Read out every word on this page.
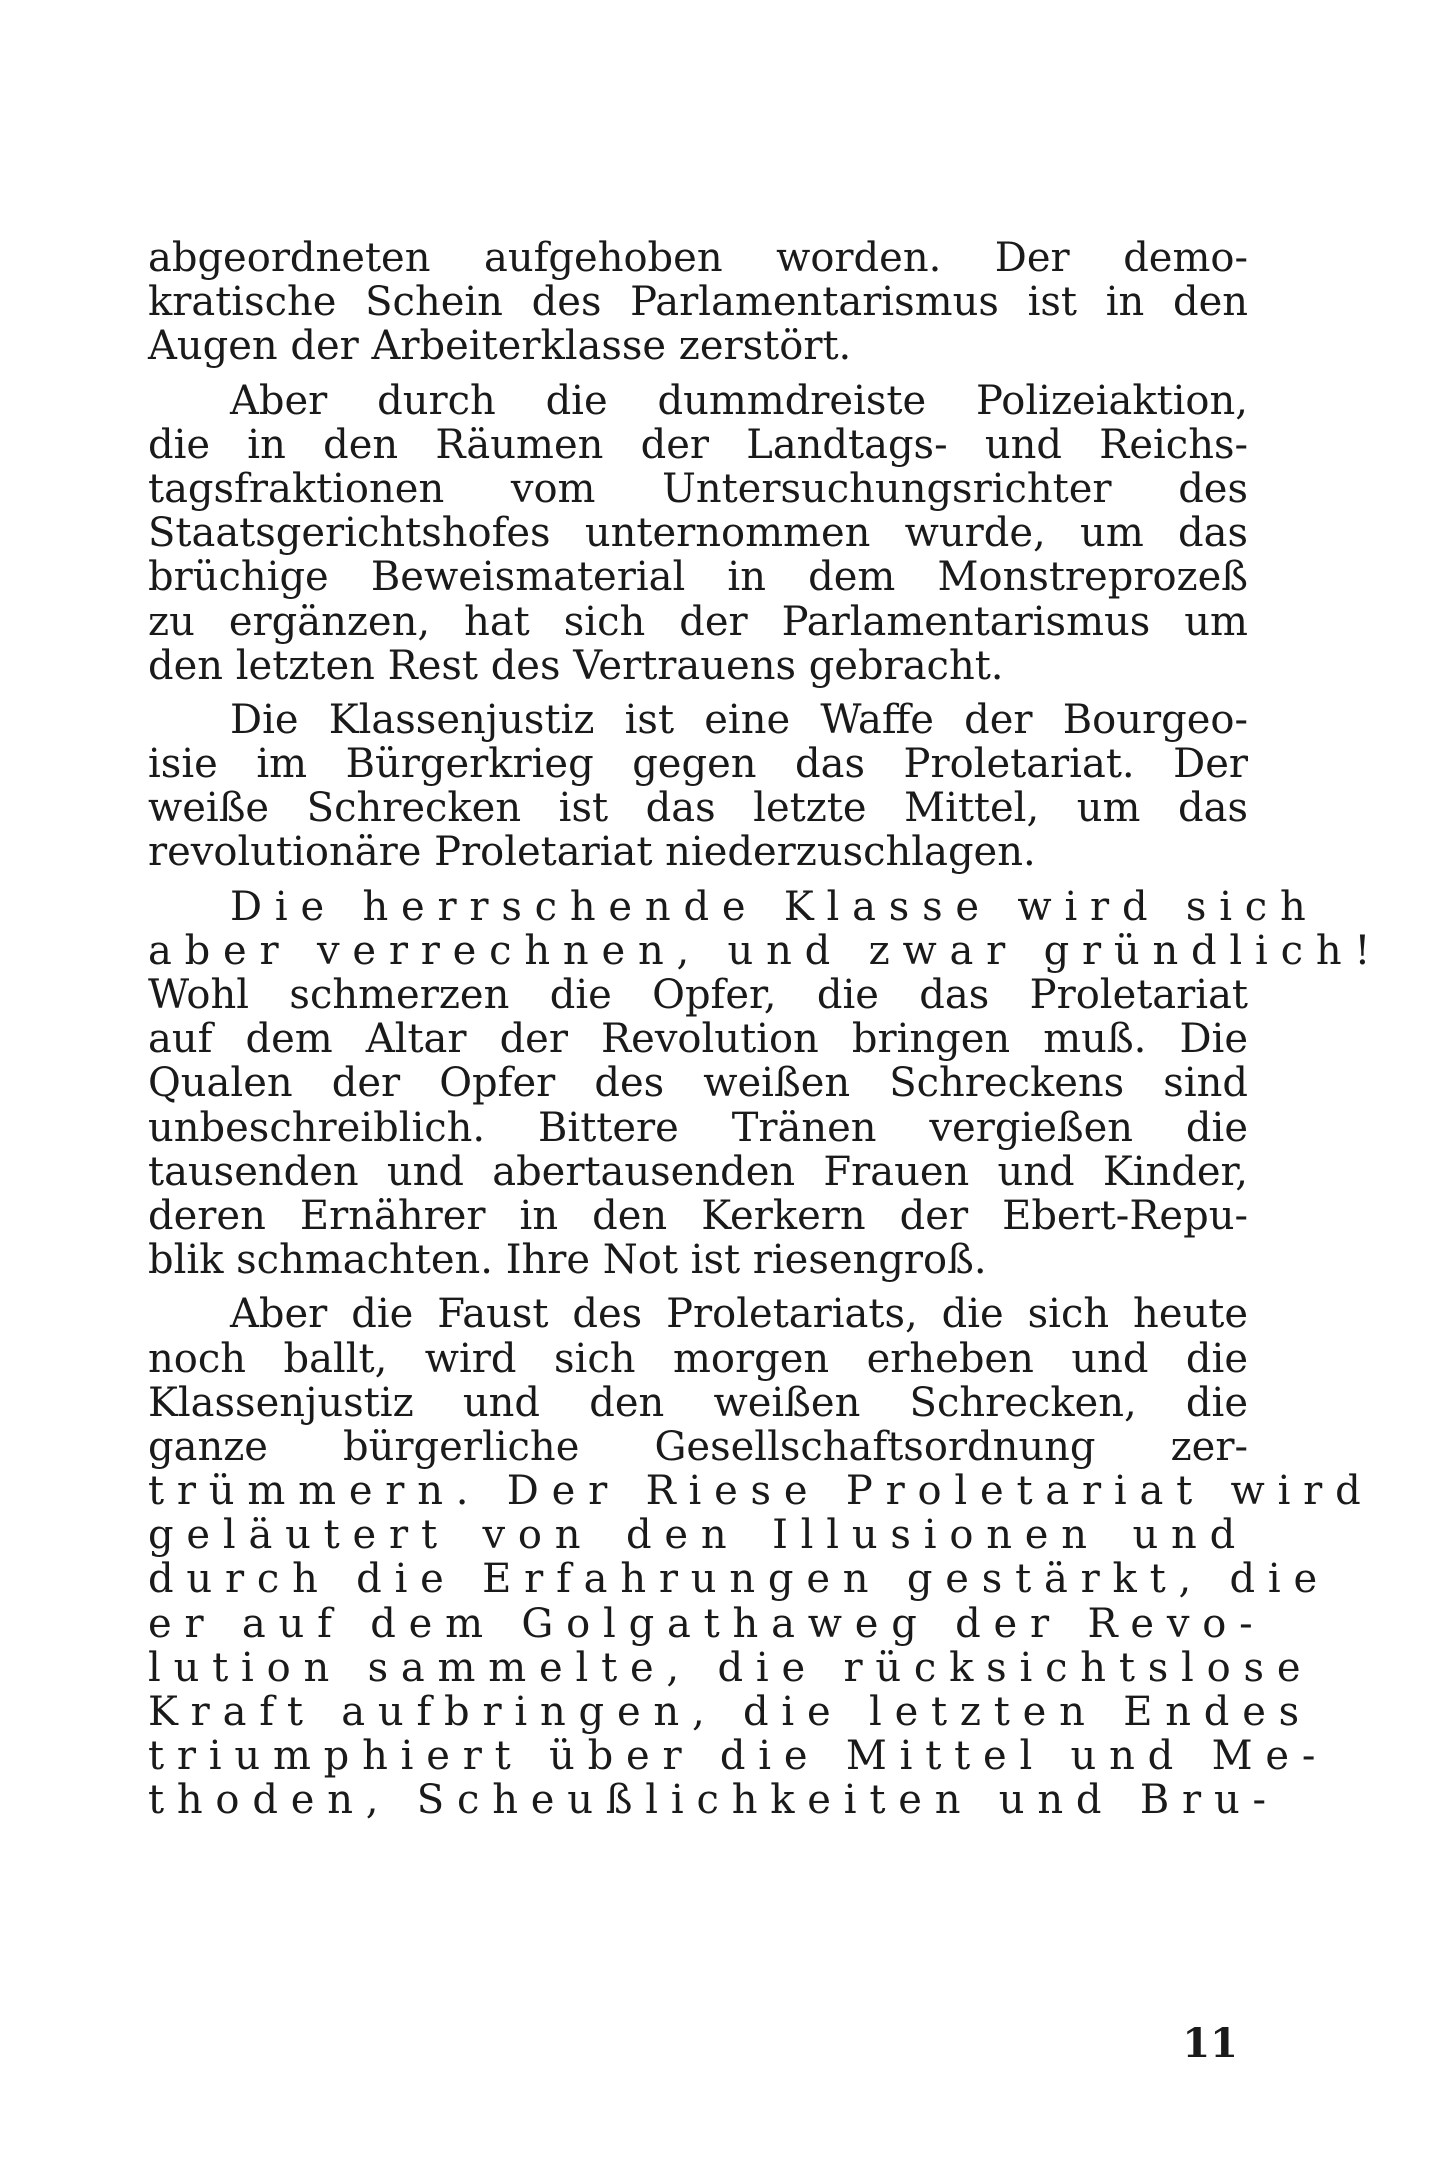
abgeordneten aufgehoben worden. Der demo-
kratische Schein des Parlamentarismus ist in den
Augen der Arbeiterklasse zerstört.
Aber durch die dummdreiste Polizeiaktion,
die in den Räumen der Landtags- und Reichs-
tagsfraktionen vom Untersuchungsrichter des
Staatsgerichtshofes unternommen wurde, um das
brüchige Beweismaterial in dem Monstreprozeß
zu ergänzen, hat sich der Parlamentarismus um
den letzten Rest des Vertrauens gebracht.
Die Klassenjustiz ist eine Waffe der Bourgeo-
isie im Bürgerkrieg gegen das Proletariat. Der
weiße Schrecken ist das letzte Mittel, um das
revolutionäre Proletariat niederzuschlagen.
Die herrschende Klasse wird sich
aber verrechnen, und zwar gründlich!
Wohl schmerzen die Opfer, die das Proletariat
auf dem Altar der Revolution bringen muß. Die
Qualen der Opfer des weißen Schreckens sind
unbeschreiblich. Bittere Tränen vergießen die
tausenden und abertausenden Frauen und Kinder,
deren Ernährer in den Kerkern der Ebert-Repu-
blik schmachten. Ihre Not ist riesengroß.
Aber die Faust des Proletariats, die sich heute
noch ballt, wird sich morgen erheben und die
Klassenjustiz und den weißen Schrecken, die
ganze bürgerliche Gesellschaftsordnung zer-
trümmern. Der Riese Proletariat wird
geläutert von den Illusionen und
durch die Erfahrungen gestärkt, die
er auf dem Golgathaweg der Revo-
lution sammelte, die rücksichtslose
Kraft aufbringen, die letzten Endes
triumphiert über die Mittel und Me-
thoden, Scheußlichkeiten und Bru-
11
